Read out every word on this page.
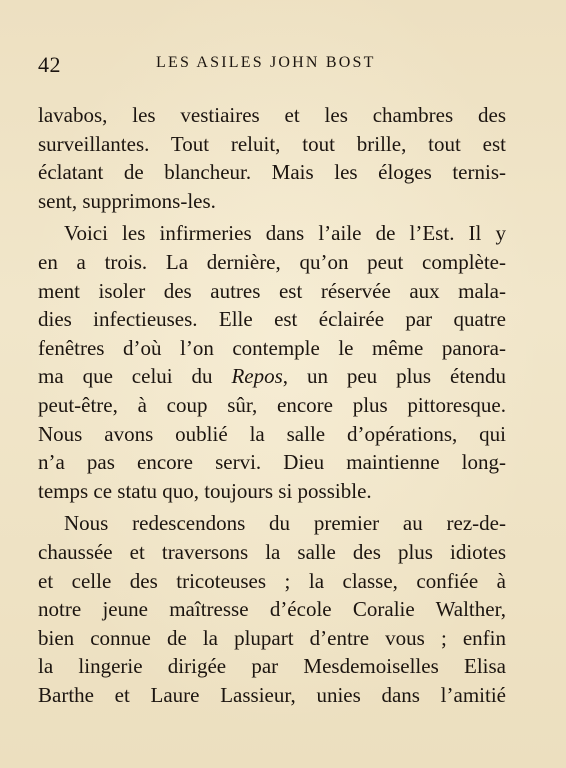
42	LES ASILES JOHN BOST
lavabos, les vestiaires et les chambres des
surveillantes. Tout reluit, tout brille, tout est
éclatant de blancheur. Mais les éloges ternis-
sent, supprimons-les.
Voici les infirmeries dans l’aile de l’Est. Il y
en a trois. La dernière, qu’on peut complète-
ment isoler des autres est réservée aux mala-
dies infectieuses. Elle est éclairée par quatre
fenêtres d’où l’on contemple le même panora-
ma que celui du Repos, un peu plus étendu
peut-être, à coup sûr, encore plus pittoresque.
Nous avons oublié la salle d’opérations, qui
n’a pas encore servi. Dieu maintienne long-
temps ce statu quo, toujours si possible.
Nous redescendons du premier au rez-de-
chaussée et traversons la salle des plus idiotes
et celle des tricoteuses ; la classe, confiée à
notre jeune maîtresse d’école Coralie Walther,
bien connue de la plupart d’entre vous ; enfin
la lingerie dirigée par Mesdemoiselles Elisa
Barthe et Laure Lassieur, unies dans l’amitié
